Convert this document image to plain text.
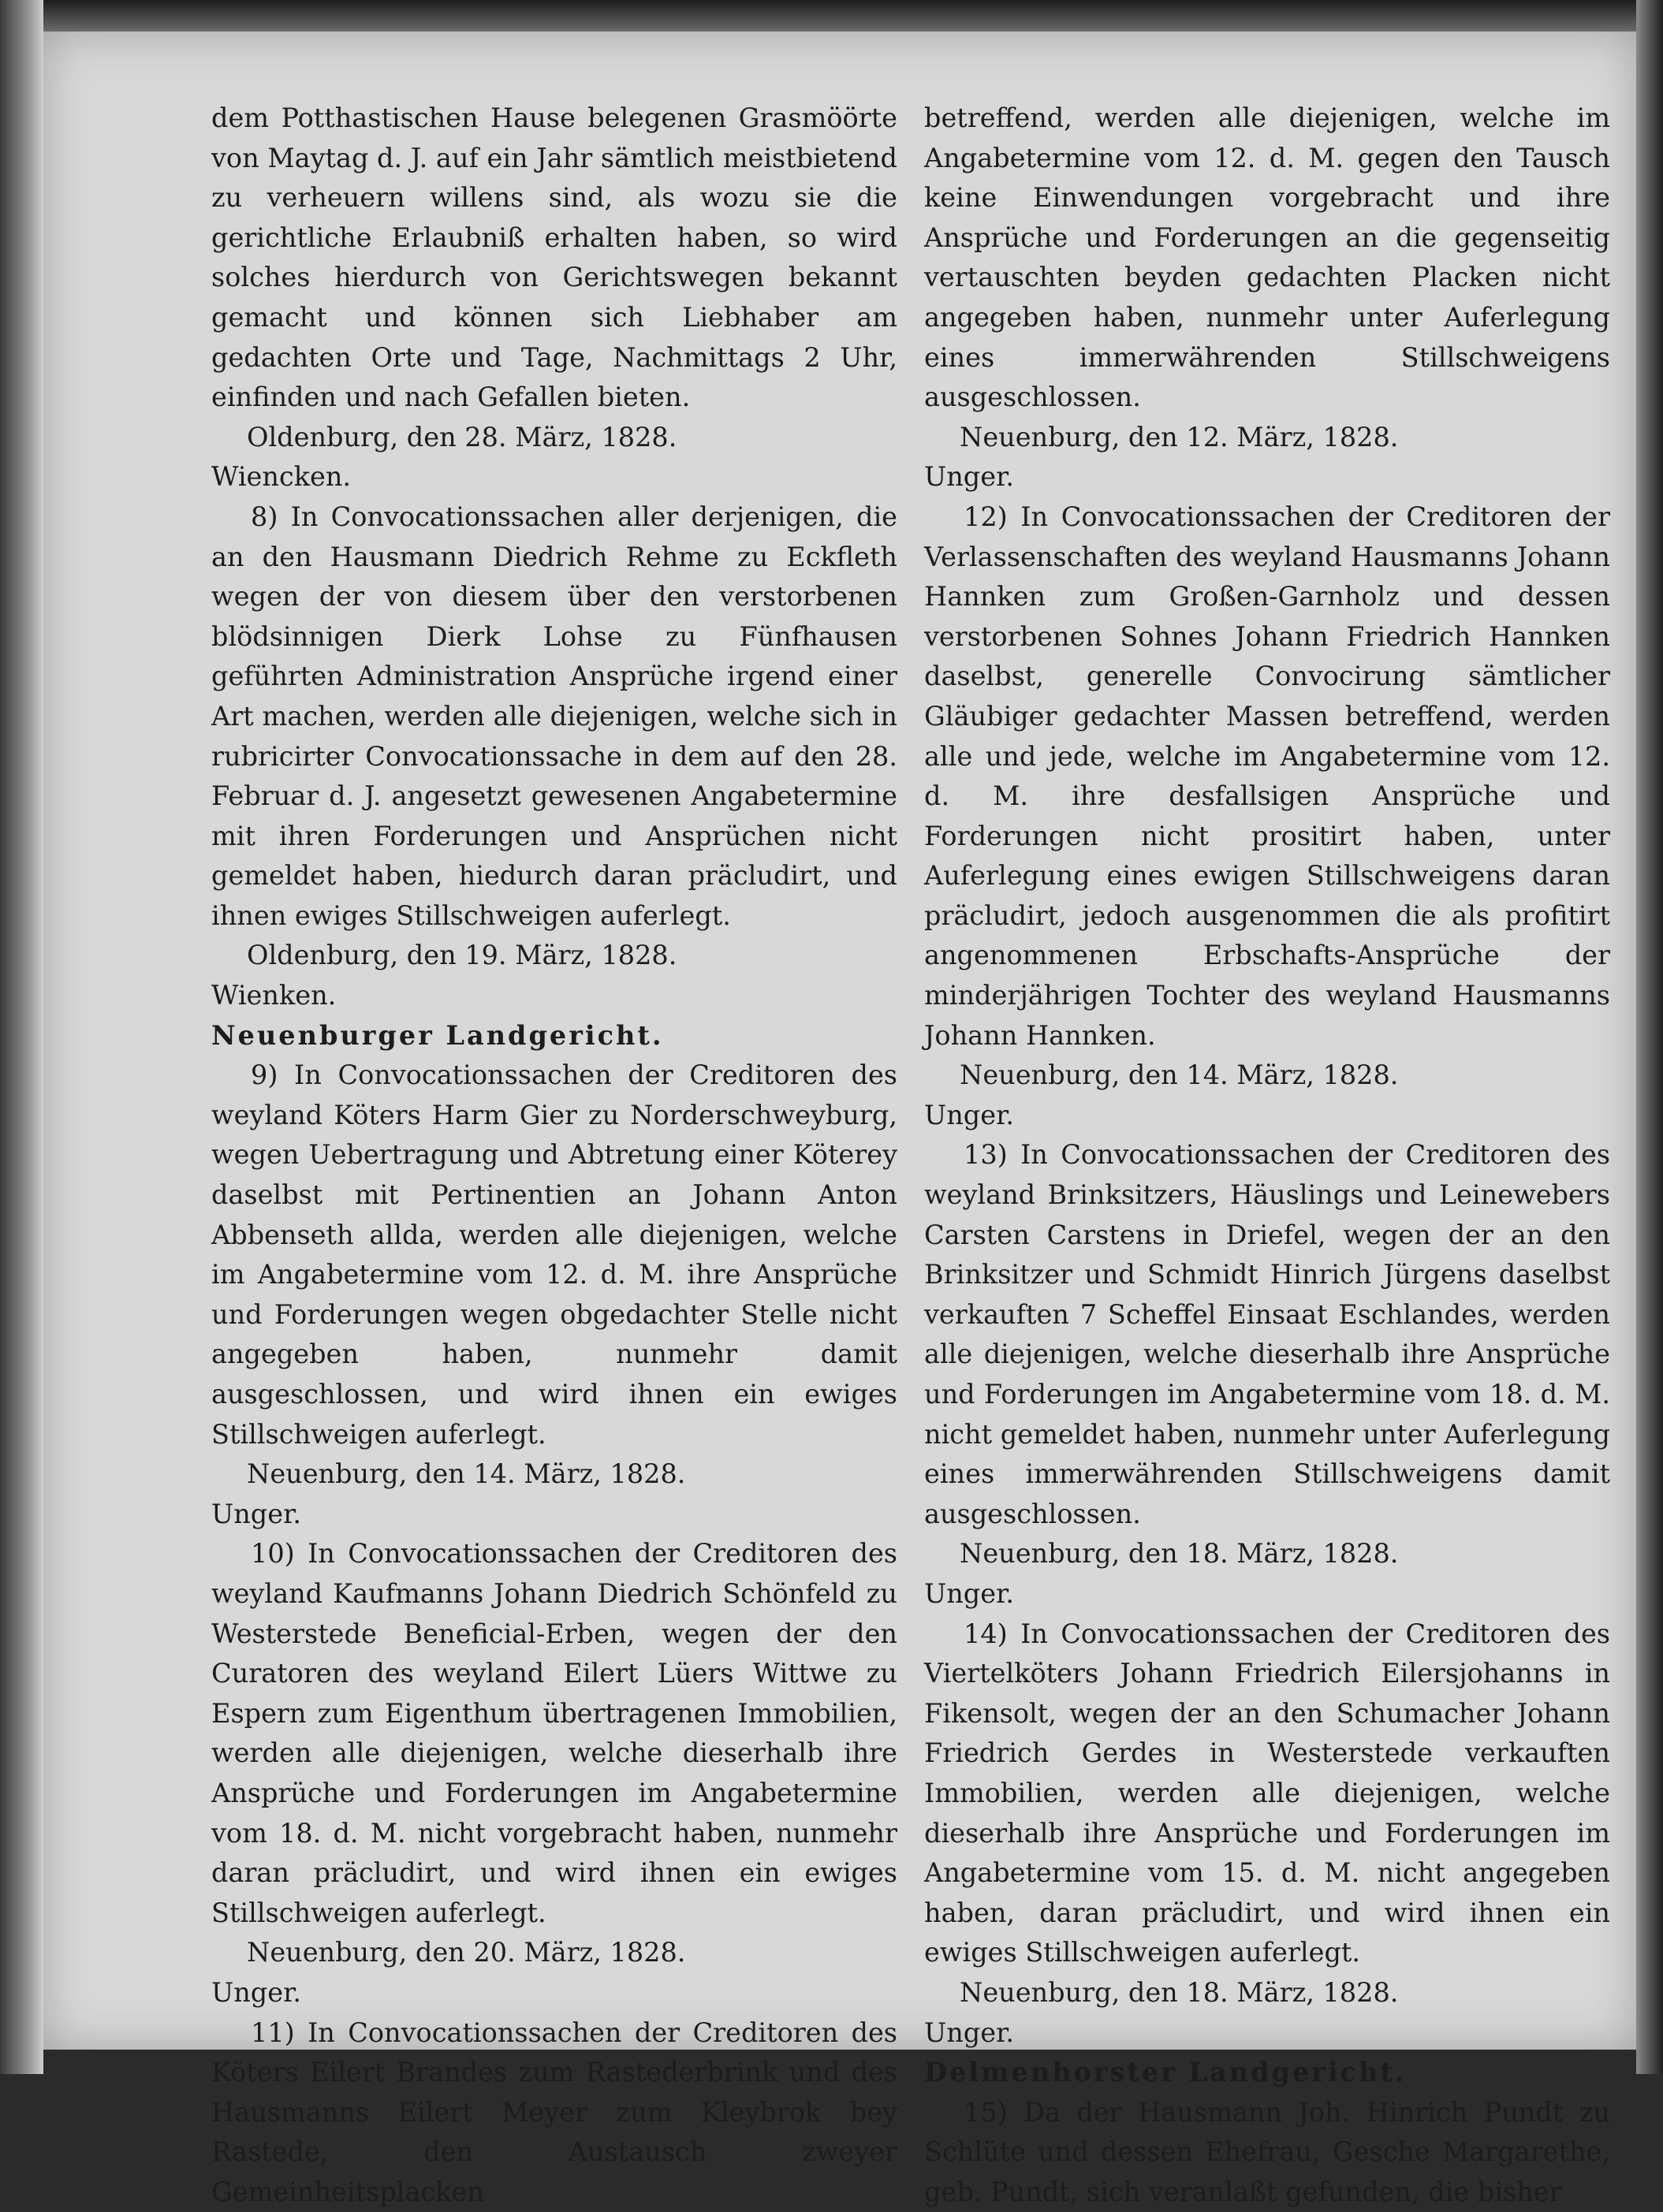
dem Potthastischen Hause belegenen Grasmöörte von Maytag d. J. auf ein Jahr sämtlich meistbietend zu verheuern willens sind, als wozu sie die gerichtliche Erlaubniß erhalten haben, so wird solches hierdurch von Gerichtswegen bekannt gemacht und können sich Liebhaber am gedachten Orte und Tage, Nachmittags 2 Uhr, einfinden und nach Gefallen bieten.

Oldenburg, den 28. März, 1828.

Wiencken.

8) In Convocationssachen aller derjenigen, die an den Hausmann Diedrich Rehme zu Eckfleth wegen der von diesem über den verstorbenen blödsinnigen Dierk Lohse zu Fünfhausen geführten Administration Ansprüche irgend einer Art machen, werden alle diejenigen, welche sich in rubricirter Convocationssache in dem auf den 28. Februar d. J. angesetzt gewesenen Angabetermine mit ihren Forderungen und Ansprüchen nicht gemeldet haben, hiedurch daran präcludirt, und ihnen ewiges Stillschweigen auferlegt.

Oldenburg, den 19. März, 1828.

Wienken.

Neuenburger Landgericht.

9) In Convocationssachen der Creditoren des weyland Köters Harm Gier zu Norderschweyburg, wegen Uebertragung und Abtretung einer Köterey daselbst mit Pertinentien an Johann Anton Abbenseth allda, werden alle diejenigen, welche im Angabetermine vom 12. d. M. ihre Ansprüche und Forderungen wegen obgedachter Stelle nicht angegeben haben, nunmehr damit ausgeschlossen, und wird ihnen ein ewiges Stillschweigen auferlegt.

Neuenburg, den 14. März, 1828.

Unger.

10) In Convocationssachen der Creditoren des weyland Kaufmanns Johann Diedrich Schönfeld zu Westerstede Beneficial-Erben, wegen der den Curatoren des weyland Eilert Lüers Wittwe zu Espern zum Eigenthum übertragenen Immobilien, werden alle diejenigen, welche dieserhalb ihre Ansprüche und Forderungen im Angabetermine vom 18. d. M. nicht vorgebracht haben, nunmehr daran präcludirt, und wird ihnen ein ewiges Stillschweigen auferlegt.

Neuenburg, den 20. März, 1828.

Unger.

11) In Convocationssachen der Creditoren des Köters Eilert Brandes zum Rastederbrink und des Hausmanns Eilert Meyer zum Kleybrok bey Rastede, den Austausch zweyer Gemeinheitsplacken

betreffend, werden alle diejenigen, welche im Angabetermine vom 12. d. M. gegen den Tausch keine Einwendungen vorgebracht und ihre Ansprüche und Forderungen an die gegenseitig vertauschten beyden gedachten Placken nicht angegeben haben, nunmehr unter Auferlegung eines immerwährenden Stillschweigens ausgeschlossen.

Neuenburg, den 12. März, 1828.

Unger.

12) In Convocationssachen der Creditoren der Verlassenschaften des weyland Hausmanns Johann Hannken zum Großen-Garnholz und dessen verstorbenen Sohnes Johann Friedrich Hannken daselbst, generelle Convocirung sämtlicher Gläubiger gedachter Massen betreffend, werden alle und jede, welche im Angabetermine vom 12. d. M. ihre desfallsigen Ansprüche und Forderungen nicht prositirt haben, unter Auferlegung eines ewigen Stillschweigens daran präcludirt, jedoch ausgenommen die als profitirt angenommenen Erbschafts-Ansprüche der minderjährigen Tochter des weyland Hausmanns Johann Hannken.

Neuenburg, den 14. März, 1828.

Unger.

13) In Convocationssachen der Creditoren des weyland Brinksitzers, Häuslings und Leinewebers Carsten Carstens in Driefel, wegen der an den Brinksitzer und Schmidt Hinrich Jürgens daselbst verkauften 7 Scheffel Einsaat Eschlandes, werden alle diejenigen, welche dieserhalb ihre Ansprüche und Forderungen im Angabetermine vom 18. d. M. nicht gemeldet haben, nunmehr unter Auferlegung eines immerwährenden Stillschweigens damit ausgeschlossen.

Neuenburg, den 18. März, 1828.

Unger.

14) In Convocationssachen der Creditoren des Viertelköters Johann Friedrich Eilersjohanns in Fikensolt, wegen der an den Schumacher Johann Friedrich Gerdes in Westerstede verkauften Immobilien, werden alle diejenigen, welche dieserhalb ihre Ansprüche und Forderungen im Angabetermine vom 15. d. M. nicht angegeben haben, daran präcludirt, und wird ihnen ein ewiges Stillschweigen auferlegt.

Neuenburg, den 18. März, 1828.

Unger.

Delmenhorster Landgericht.

15) Da der Hausmann Joh. Hinrich Pundt zu Schlüte und dessen Ehefrau, Gesche Margarethe, geb. Pundt, sich veranlaßt gefunden, die bisher
